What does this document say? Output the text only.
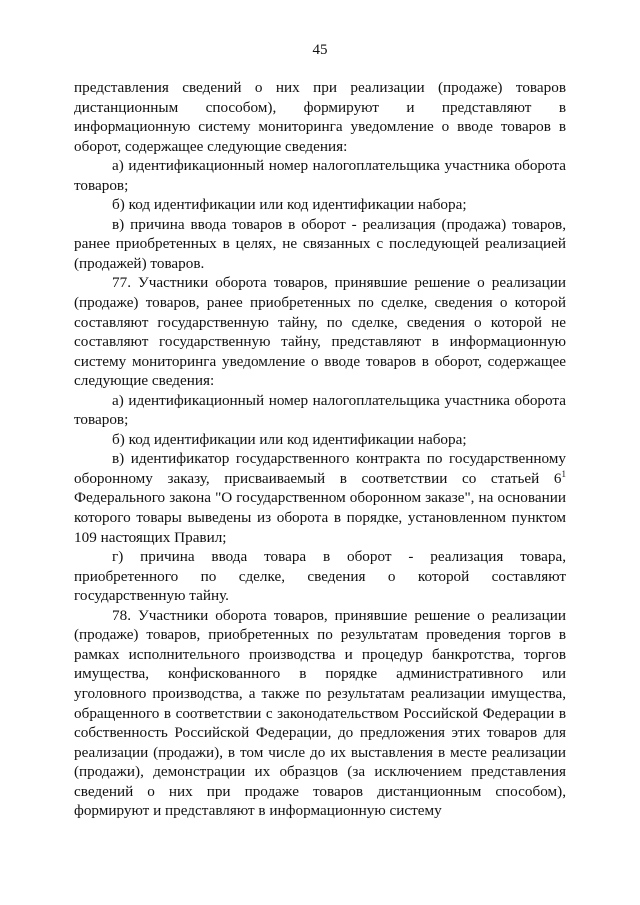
45

представления сведений о них при реализации (продаже) товаров дистанционным способом), формируют и представляют в информационную систему мониторинга уведомление о вводе товаров в оборот, содержащее следующие сведения:

а) идентификационный номер налогоплательщика участника оборота товаров;

б) код идентификации или код идентификации набора;

в) причина ввода товаров в оборот - реализация (продажа) товаров, ранее приобретенных в целях, не связанных с последующей реализацией (продажей) товаров.

77. Участники оборота товаров, принявшие решение о реализации (продаже) товаров, ранее приобретенных по сделке, сведения о которой составляют государственную тайну, по сделке, сведения о которой не составляют государственную тайну, представляют в информационную систему мониторинга уведомление о вводе товаров в оборот, содержащее следующие сведения:

а) идентификационный номер налогоплательщика участника оборота товаров;

б) код идентификации или код идентификации набора;

в) идентификатор государственного контракта по государственному оборонному заказу, присваиваемый в соответствии со статьей $6^1$ Федерального закона "О государственном оборонном заказе", на основании которого товары выведены из оборота в порядке, установленном пунктом 109 настоящих Правил;

г) причина ввода товара в оборот - реализация товара, приобретенного по сделке, сведения о которой составляют государственную тайну.

78. Участники оборота товаров, принявшие решение о реализации (продаже) товаров, приобретенных по результатам проведения торгов в рамках исполнительного производства и процедур банкротства, торгов имущества, конфискованного в порядке административного или уголовного производства, а также по результатам реализации имущества, обращенного в соответствии с законодательством Российской Федерации в собственность Российской Федерации, до предложения этих товаров для реализации (продажи), в том числе до их выставления в месте реализации (продажи), демонстрации их образцов (за исключением представления сведений о них при продаже товаров дистанционным способом), формируют и представляют в информационную систему
